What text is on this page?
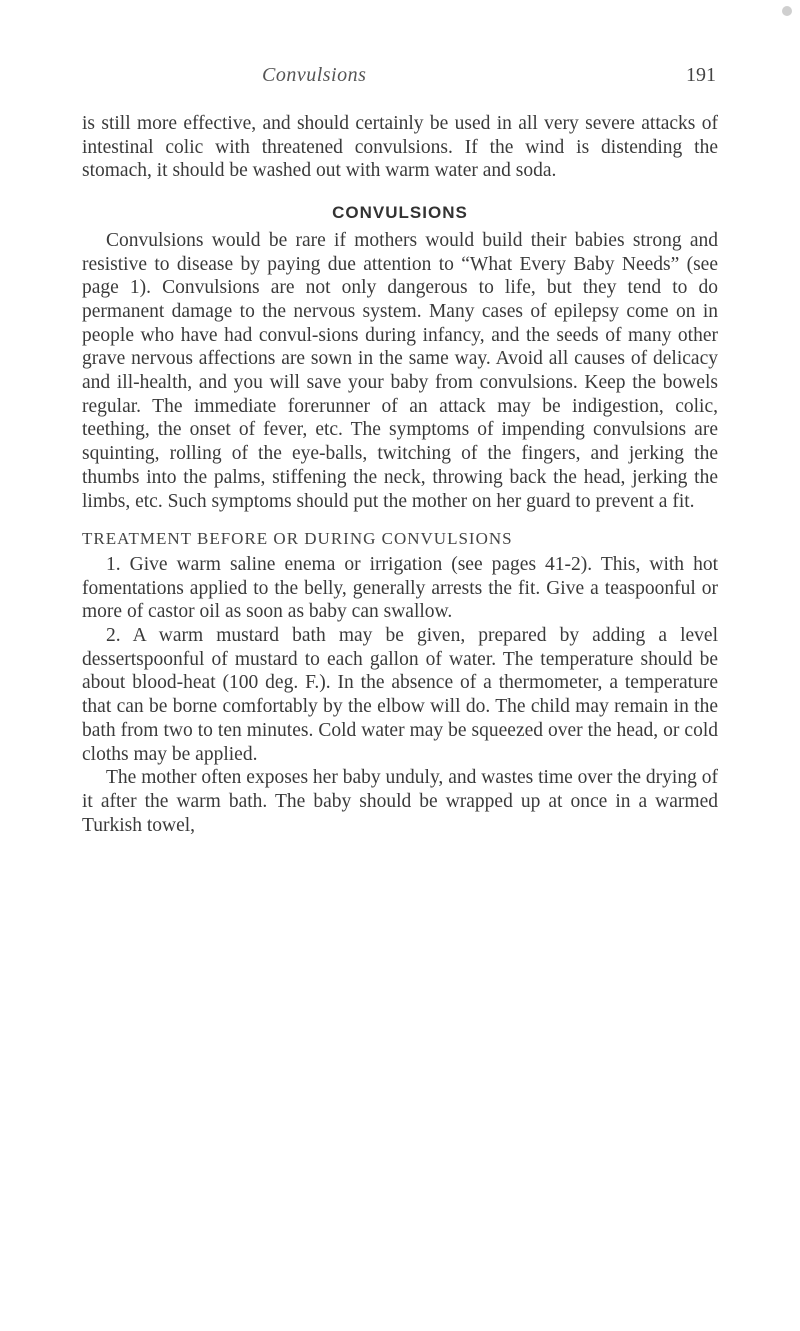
Convulsions	191

is still more effective, and should certainly be used in all very severe attacks of intestinal colic with threatened convulsions. If the wind is distending the stomach, it should be washed out with warm water and soda.

CONVULSIONS

Convulsions would be rare if mothers would build their babies strong and resistive to disease by paying due attention to “What Every Baby Needs” (see page 1). Convulsions are not only dangerous to life, but they tend to do permanent damage to the nervous system. Many cases of epilepsy come on in people who have had convul-sions during infancy, and the seeds of many other grave nervous affections are sown in the same way. Avoid all causes of delicacy and ill-health, and you will save your baby from convulsions. Keep the bowels regular. The immediate forerunner of an attack may be indigestion, colic, teething, the onset of fever, etc. The symptoms of impending convulsions are squinting, rolling of the eye-balls, twitching of the fingers, and jerking the thumbs into the palms, stiffening the neck, throwing back the head, jerking the limbs, etc. Such symptoms should put the mother on her guard to prevent a fit.

TREATMENT BEFORE OR DURING CONVULSIONS

1. Give warm saline enema or irrigation (see pages 41-2). This, with hot fomentations applied to the belly, generally arrests the fit. Give a teaspoonful or more of castor oil as soon as baby can swallow.

2. A warm mustard bath may be given, prepared by adding a level dessertspoonful of mustard to each gallon of water. The temperature should be about blood-heat (100 deg. F.). In the absence of a thermometer, a temperature that can be borne comfortably by the elbow will do. The child may remain in the bath from two to ten minutes. Cold water may be squeezed over the head, or cold cloths may be applied.

The mother often exposes her baby unduly, and wastes time over the drying of it after the warm bath. The baby should be wrapped up at once in a warmed Turkish towel,
